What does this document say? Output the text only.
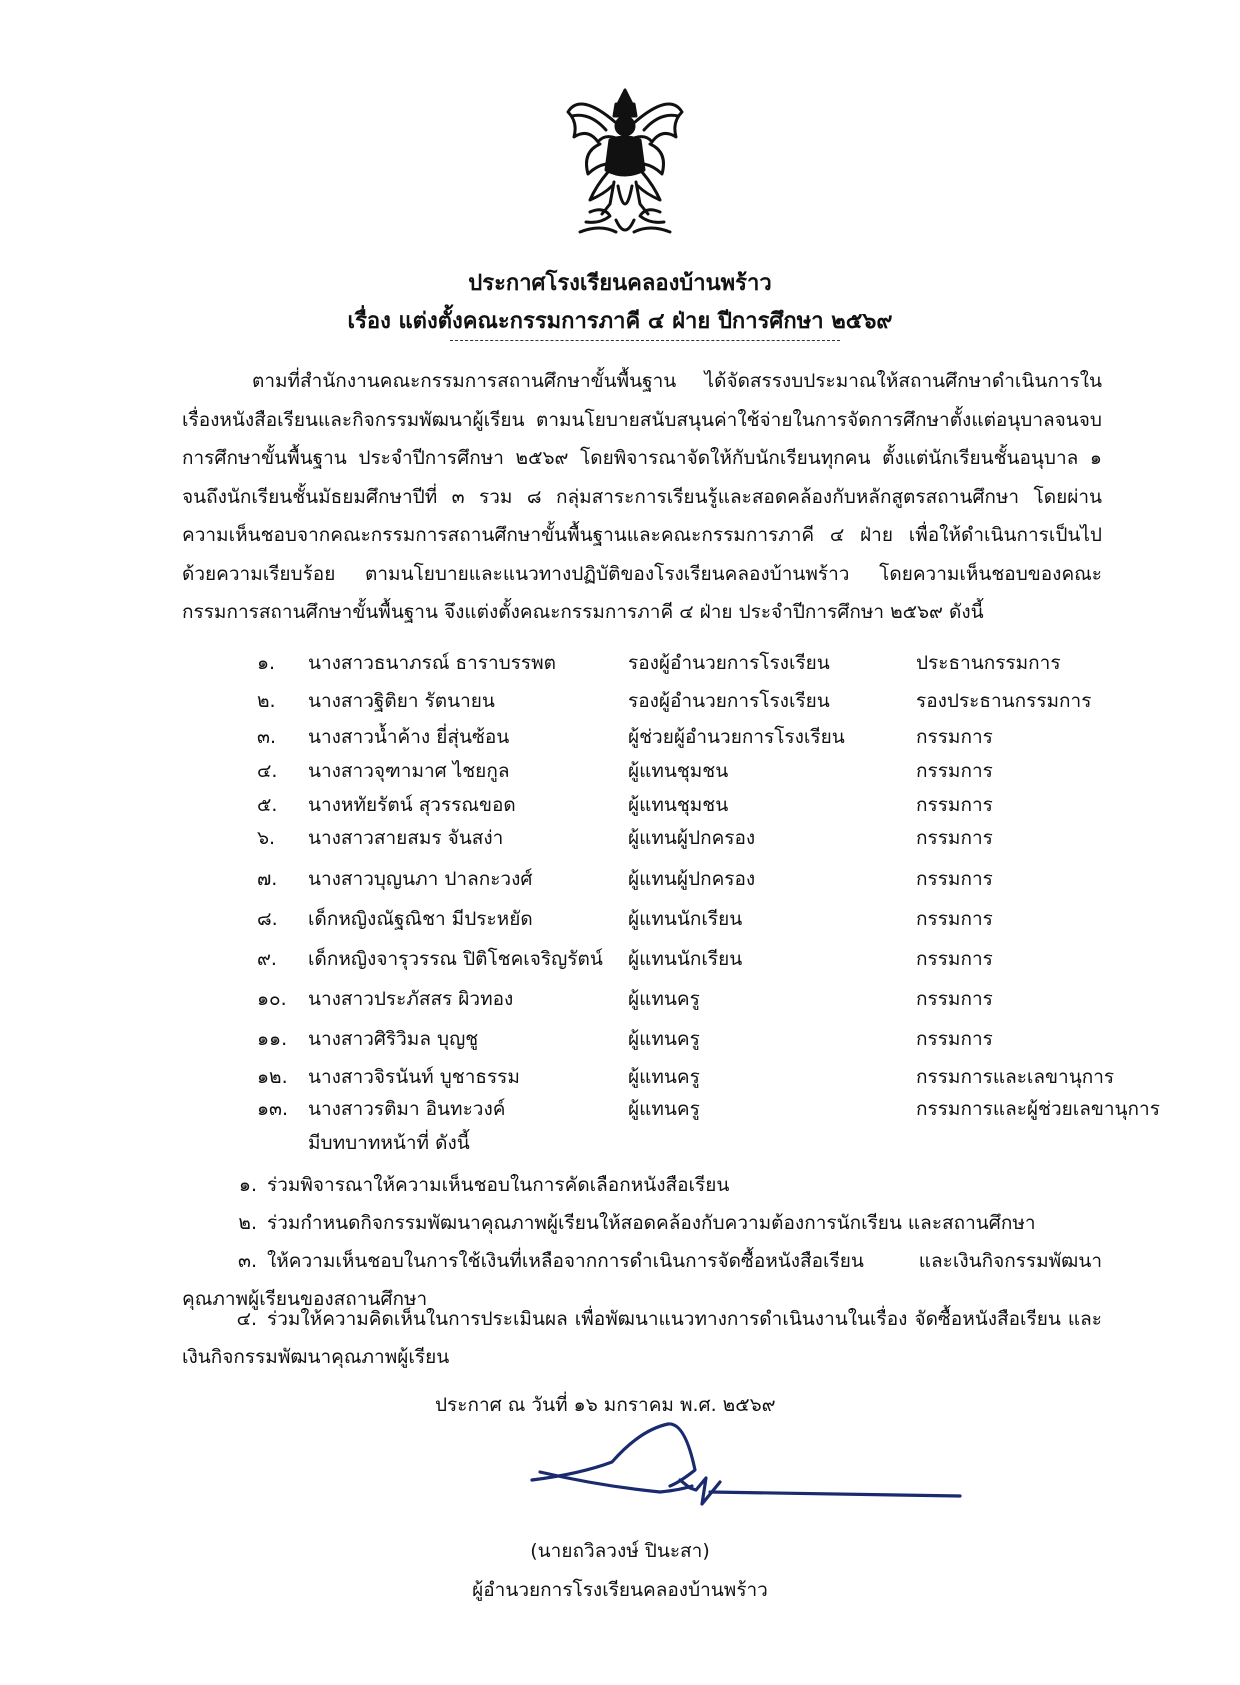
ประกาศโรงเรียนคลองบ้านพร้าว
เรื่อง แต่งตั้งคณะกรรมการภาคี ๔ ฝ่าย ปีการศึกษา ๒๕๖๙
ตามที่สำนักงานคณะกรรมการสถานศึกษาขั้นพื้นฐาน ได้จัดสรรงบประมาณให้สถานศึกษาดำเนินการในเรื่องหนังสือเรียนและกิจกรรมพัฒนาผู้เรียน ตามนโยบายสนับสนุนค่าใช้จ่ายในการจัดการศึกษาตั้งแต่อนุบาลจนจบการศึกษาขั้นพื้นฐาน ประจำปีการศึกษา ๒๕๖๙ โดยพิจารณาจัดให้กับนักเรียนทุกคน ตั้งแต่นักเรียนชั้นอนุบาล ๑ จนถึงนักเรียนชั้นมัธยมศึกษาปีที่ ๓ รวม ๘ กลุ่มสาระการเรียนรู้และสอดคล้องกับหลักสูตรสถานศึกษา โดยผ่านความเห็นชอบจากคณะกรรมการสถานศึกษาขั้นพื้นฐานและคณะกรรมการภาคี ๔ ฝ่าย เพื่อให้ดำเนินการเป็นไปด้วยความเรียบร้อย ตามนโยบายและแนวทางปฏิบัติของโรงเรียนคลองบ้านพร้าว โดยความเห็นชอบของคณะกรรมการสถานศึกษาขั้นพื้นฐาน จึงแต่งตั้งคณะกรรมการภาคี ๔ ฝ่าย ประจำปีการศึกษา ๒๕๖๙ ดังนี้
๑. นางสาวธนาภรณ์ ธาราบรรพต	รองผู้อำนวยการโรงเรียน	ประธานกรรมการ
๒. นางสาวฐิติยา รัตนายน	รองผู้อำนวยการโรงเรียน	รองประธานกรรมการ
๓. นางสาวน้ำค้าง ยี่สุ่นซ้อน	ผู้ช่วยผู้อำนวยการโรงเรียน	กรรมการ
๔. นางสาวจุฑามาศ ไชยกูล	ผู้แทนชุมชน	กรรมการ
๕. นางหทัยรัตน์ สุวรรณขอด	ผู้แทนชุมชน	กรรมการ
๖. นางสาวสายสมร จันสง่า	ผู้แทนผู้ปกครอง	กรรมการ
๗. นางสาวบุญนภา ปาลกะวงศ์	ผู้แทนผู้ปกครอง	กรรมการ
๘. เด็กหญิงณัฐณิชา มีประหยัด	ผู้แทนนักเรียน	กรรมการ
๙. เด็กหญิงจารุวรรณ ปิติโชคเจริญรัตน์ ผู้แทนนักเรียน	กรรมการ
๑๐. นางสาวประภัสสร ผิวทอง	ผู้แทนครู	กรรมการ
๑๑. นางสาวศิริวิมล บุญชู	ผู้แทนครู	กรรมการ
๑๒. นางสาวจิรนันท์ บูชาธรรม	ผู้แทนครู	กรรมการและเลขานุการ
๑๓. นางสาวรติมา อินทะวงค์	ผู้แทนครู	กรรมการและผู้ช่วยเลขานุการ
มีบทบาทหน้าที่ ดังนี้
๑. ร่วมพิจารณาให้ความเห็นชอบในการคัดเลือกหนังสือเรียน
๒. ร่วมกำหนดกิจกรรมพัฒนาคุณภาพผู้เรียนให้สอดคล้องกับความต้องการนักเรียน และสถานศึกษา
๓. ให้ความเห็นชอบในการใช้เงินที่เหลือจากการดำเนินการจัดซื้อหนังสือเรียน และเงินกิจกรรมพัฒนาคุณภาพผู้เรียนของสถานศึกษา
๔. ร่วมให้ความคิดเห็นในการประเมินผล เพื่อพัฒนาแนวทางการดำเนินงานในเรื่อง จัดซื้อหนังสือเรียน และเงินกิจกรรมพัฒนาคุณภาพผู้เรียน
ประกาศ ณ วันที่ ๑๖ มกราคม พ.ศ. ๒๕๖๙
(นายถวิลวงษ์ ปินะสา)
ผู้อำนวยการโรงเรียนคลองบ้านพร้าว
